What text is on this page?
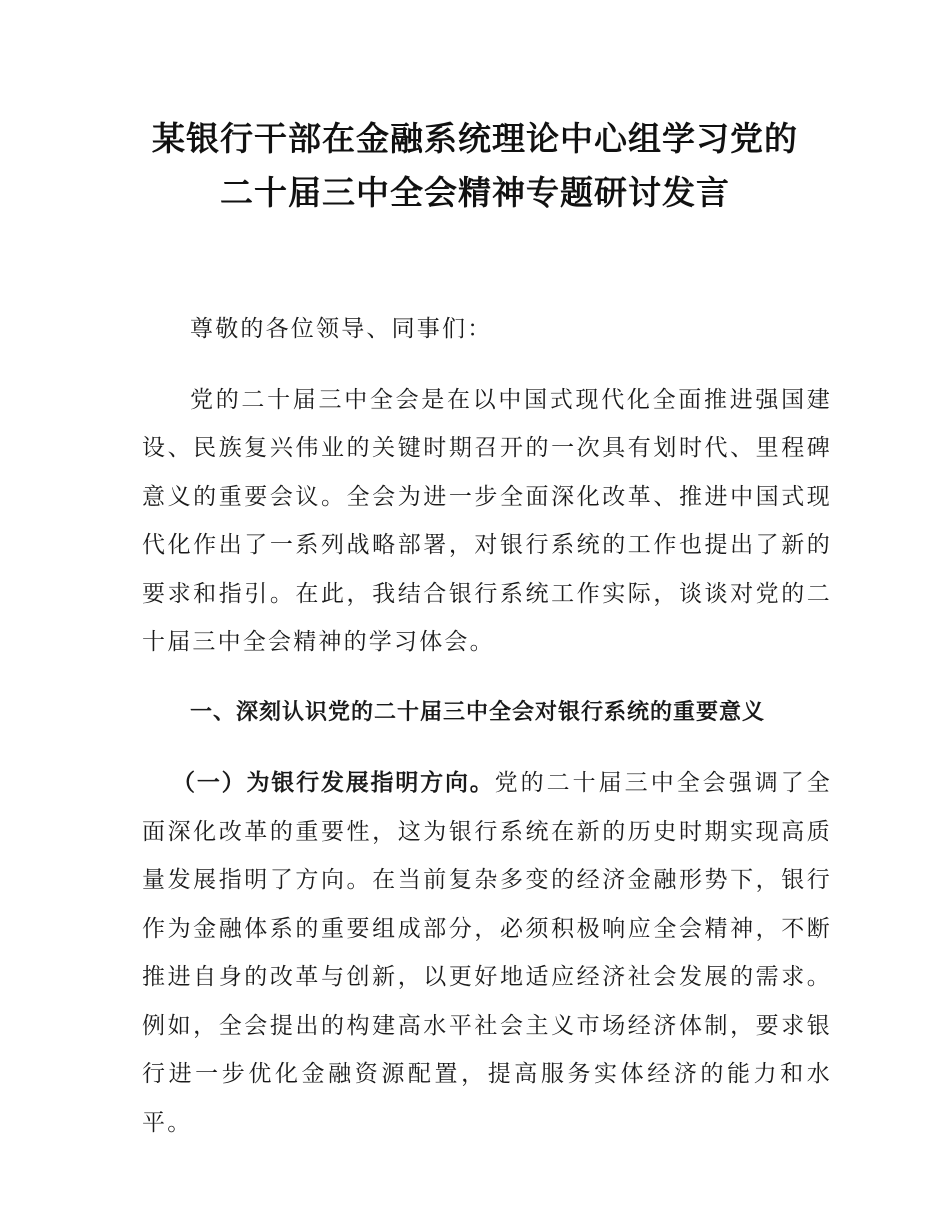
某银行干部在金融系统理论中心组学习党的
二十届三中全会精神专题研讨发言

尊敬的各位领导、同事们：

党的二十届三中全会是在以中国式现代化全面推进强国建设、民族复兴伟业的关键时期召开的一次具有划时代、里程碑意义的重要会议。全会为进一步全面深化改革、推进中国式现代化作出了一系列战略部署，对银行系统的工作也提出了新的要求和指引。在此，我结合银行系统工作实际，谈谈对党的二十届三中全会精神的学习体会。

一、深刻认识党的二十届三中全会对银行系统的重要意义

（一）为银行发展指明方向。党的二十届三中全会强调了全面深化改革的重要性，这为银行系统在新的历史时期实现高质量发展指明了方向。在当前复杂多变的经济金融形势下，银行作为金融体系的重要组成部分，必须积极响应全会精神，不断推进自身的改革与创新，以更好地适应经济社会发展的需求。例如，全会提出的构建高水平社会主义市场经济体制，要求银行进一步优化金融资源配置，提高服务实体经济的能力和水平。
